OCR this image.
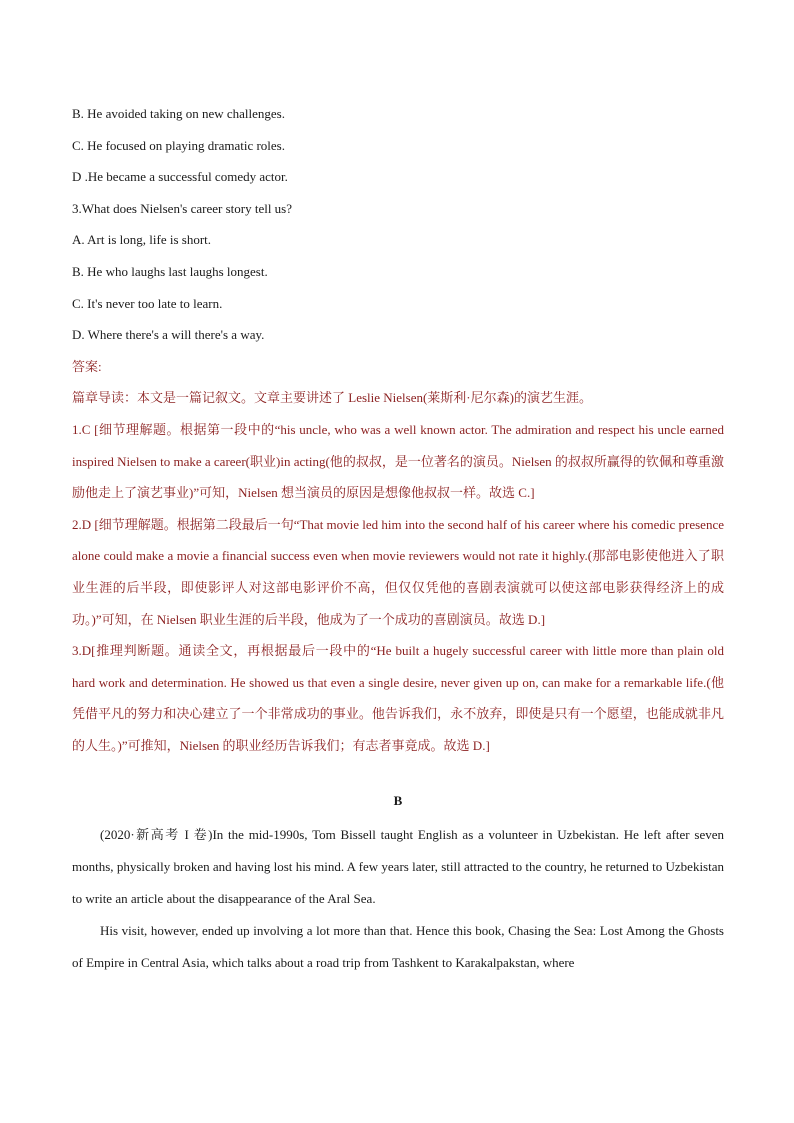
B. He avoided taking on new challenges.

C. He focused on playing dramatic roles.

D .He became a successful comedy actor.

3.What does Nielsen's career story tell us?

A. Art is long, life is short.

B. He who laughs last laughs longest.

C. It's never too late to learn.

D. Where there's a will there's a way.

答案:

篇章导读：本文是一篇记叙文。文章主要讲述了 Leslie Nielsen(莱斯利·尼尔森)的演艺生涯。

1.C [细节理解题。根据第一段中的“his uncle, who was a well known actor. The admiration and respect his uncle earned inspired Nielsen to make a career(职业)in acting(他的叔叔，是一位著名的演员。Nielsen 的叔叔所赢得的钦佩和尊重激励他走上了演艺事业)”可知，Nielsen 想当演员的原因是想像他叔叔一样。故选 C.]

2.D [细节理解题。根据第二段最后一句“That movie led him into the second half of his career where his comedic presence alone could make a movie a financial success even when movie reviewers would not rate it highly.(那部电影使他进入了职业生涯的后半段，即使影评人对这部电影评价不高，但仅仅凭他的喜剧表演就可以使这部电影获得经济上的成功。)”可知，在 Nielsen 职业生涯的后半段，他成为了一个成功的喜剧演员。故选 D.]

3.D[推理判断题。通读全文，再根据最后一段中的“He built a hugely successful career with little more than plain old hard work and determination. He showed us that even a single desire, never given up on, can make for a remarkable life.(他凭借平凡的努力和决心建立了一个非常成功的事业。他告诉我们，永不放弃，即使是只有一个愿望，也能成就非凡的人生。)”可推知，Nielsen 的职业经历告诉我们；有志者事竟成。故选 D.]

B

(2020·新高考 I 卷)In the mid-1990s, Tom Bissell taught English as a volunteer in Uzbekistan. He left after seven months, physically broken and having lost his mind. A few years later, still attracted to the country, he returned to Uzbekistan to write an article about the disappearance of the Aral Sea.

His visit, however, ended up involving a lot more than that. Hence this book, Chasing the Sea: Lost Among the Ghosts of Empire in Central Asia, which talks about a road trip from Tashkent to Karakalpakstan, where
